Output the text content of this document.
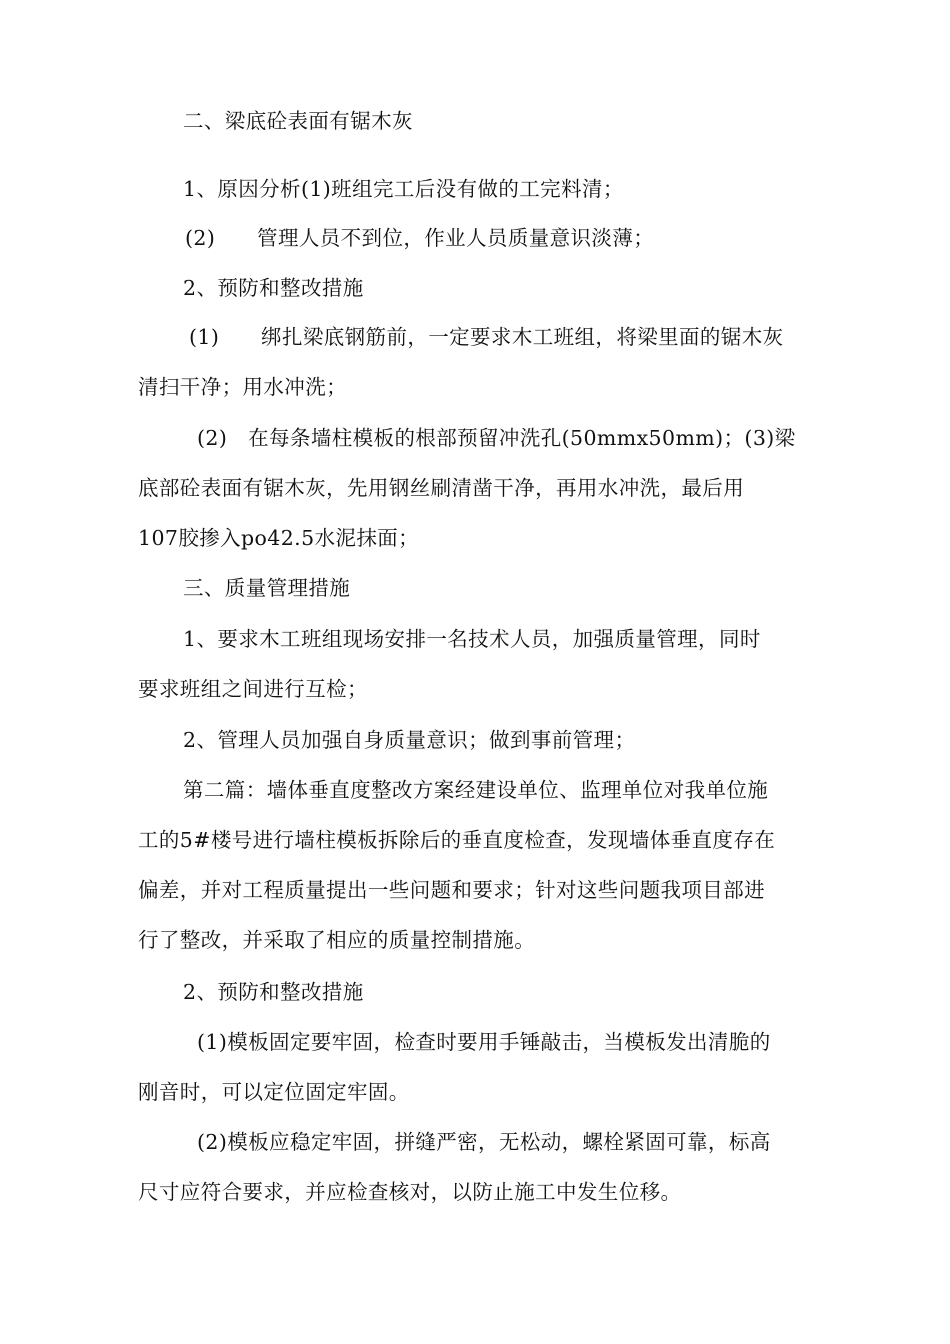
二、梁底砼表面有锯木灰
1、原因分析(1)班组完工后没有做的工完料清；
(2)　　管理人员不到位，作业人员质量意识淡薄；
2、预防和整改措施
(1)　　绑扎梁底钢筋前，一定要求木工班组，将梁里面的锯木灰
清扫干净；用水冲洗；
(2)　在每条墙柱模板的根部预留冲洗孔(50mmx50mm)；(3)梁
底部砼表面有锯木灰，先用钢丝刷清凿干净，再用水冲洗，最后用
107胶掺入po42.5水泥抹面；
三、质量管理措施
1、要求木工班组现场安排一名技术人员，加强质量管理，同时
要求班组之间进行互检；
2、管理人员加强自身质量意识；做到事前管理；
第二篇：墙体垂直度整改方案经建设单位、监理单位对我单位施
工的5#楼号进行墙柱模板拆除后的垂直度检查，发现墙体垂直度存在
偏差，并对工程质量提出一些问题和要求；针对这些问题我项目部进
行了整改，并采取了相应的质量控制措施。
2、预防和整改措施
(1)模板固定要牢固，检查时要用手锤敲击，当模板发出清脆的
刚音时，可以定位固定牢固。
(2)模板应稳定牢固，拼缝严密，无松动，螺栓紧固可靠，标高
尺寸应符合要求，并应检查核对，以防止施工中发生位移。
